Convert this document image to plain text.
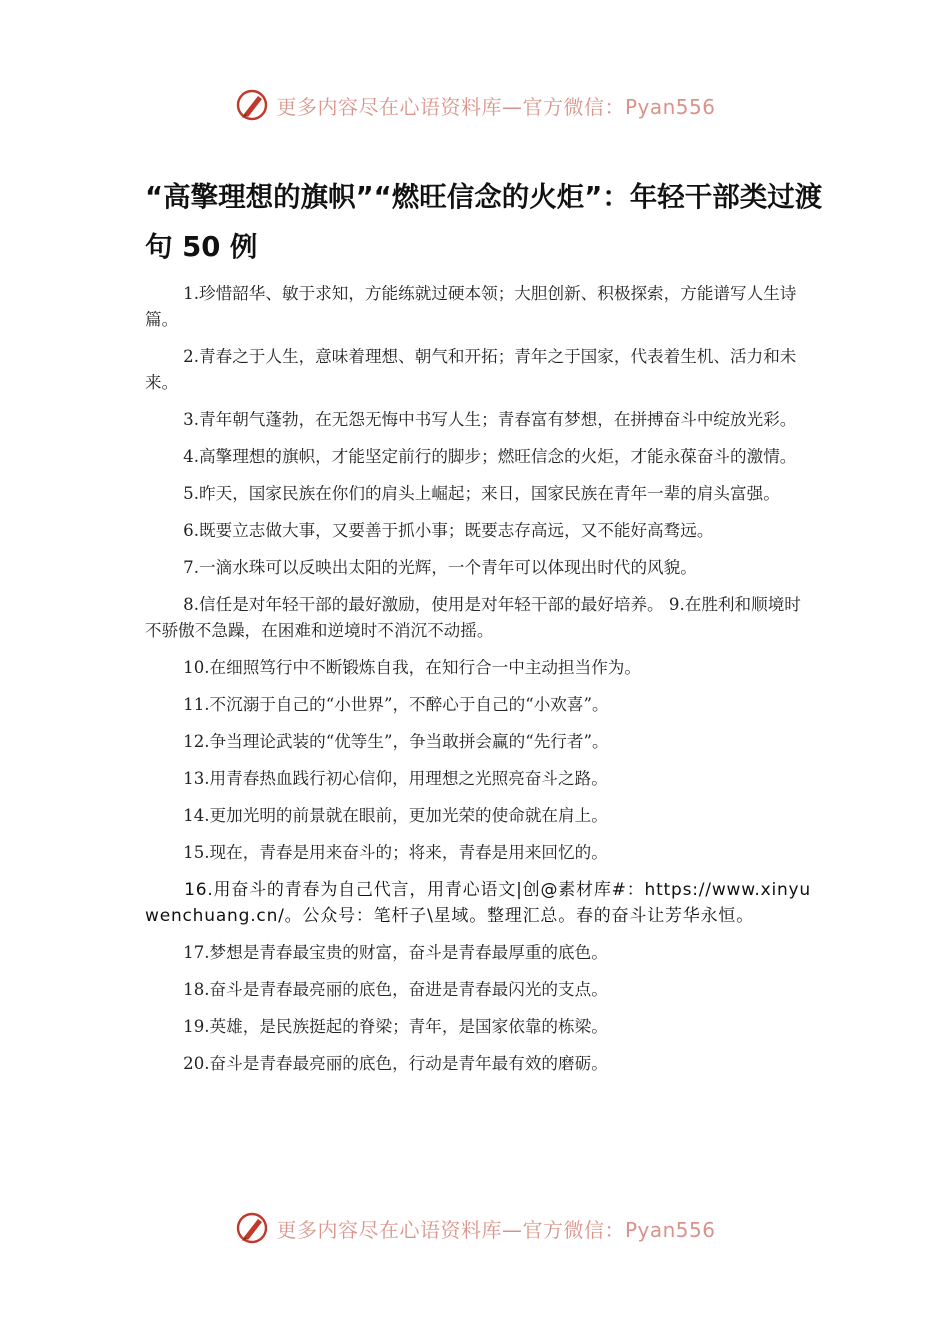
更多内容尽在心语资料库—官方微信：Pyan556
“高擎理想的旗帜”“燃旺信念的火炬”：年轻干部类过渡句 50 例

1.珍惜韶华、敏于求知，方能练就过硬本领；大胆创新、积极探索，方能谱写人生诗篇。

2.青春之于人生，意味着理想、朝气和开拓；青年之于国家，代表着生机、活力和未来。

3.青年朝气蓬勃，在无怨无悔中书写人生；青春富有梦想，在拼搏奋斗中绽放光彩。

4.高擎理想的旗帜，才能坚定前行的脚步；燃旺信念的火炬，才能永葆奋斗的激情。

5.昨天，国家民族在你们的肩头上崛起；来日，国家民族在青年一辈的肩头富强。

6.既要立志做大事，又要善于抓小事；既要志存高远，又不能好高骛远。

7.一滴水珠可以反映出太阳的光辉，一个青年可以体现出时代的风貌。

8.信任是对年轻干部的最好激励，使用是对年轻干部的最好培养。 9.在胜利和顺境时不骄傲不急躁，在困难和逆境时不消沉不动摇。

10.在细照笃行中不断锻炼自我，在知行合一中主动担当作为。

11.不沉溺于自己的“小世界”，不醉心于自己的“小欢喜”。

12.争当理论武装的“优等生”，争当敢拼会赢的“先行者”。

13.用青春热血践行初心信仰，用理想之光照亮奋斗之路。

14.更加光明的前景就在眼前，更加光荣的使命就在肩上。

15.现在，青春是用来奋斗的；将来，青春是用来回忆的。

16.用奋斗的青春为自己代言，用青心语文|创@素材库#：https://www.xinyuwenchuang.cn/。公众号：笔杆子\星域。整理汇总。春的奋斗让芳华永恒。

17.梦想是青春最宝贵的财富，奋斗是青春最厚重的底色。

18.奋斗是青春最亮丽的底色，奋进是青春最闪光的支点。

19.英雄，是民族挺起的脊梁；青年，是国家依靠的栋梁。

20.奋斗是青春最亮丽的底色，行动是青年最有效的磨砺。

更多内容尽在心语资料库—官方微信：Pyan556
